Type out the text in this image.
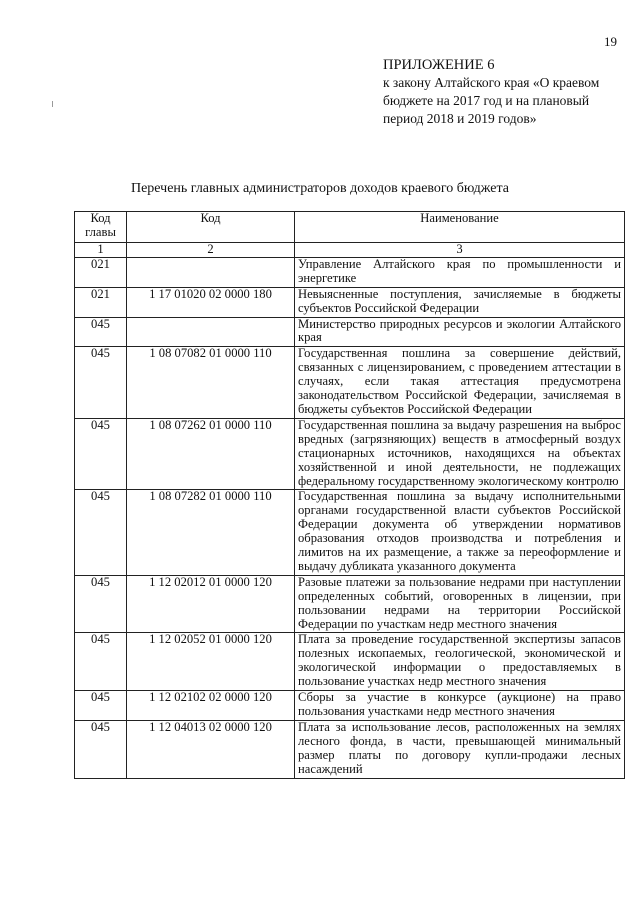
19
ПРИЛОЖЕНИЕ 6
к закону Алтайского края «О краевом бюджете на 2017 год и на плановый период 2018 и 2019 годов»
Перечень главных администраторов доходов краевого бюджета
Код главы	Код	Наименование
1	2	3
021		Управление Алтайского края по промышленности и энергетике
021	1 17 01020 02 0000 180	Невыясненные поступления, зачисляемые в бюджеты субъектов Российской Федерации
045		Министерство природных ресурсов и экологии Алтайского края
045	1 08 07082 01 0000 110	Государственная пошлина за совершение действий, связанных с лицензированием, с проведением аттестации в случаях, если такая аттестация предусмотрена законодательством Российской Федерации, зачисляемая в бюджеты субъектов Российской Федерации
045	1 08 07262 01 0000 110	Государственная пошлина за выдачу разрешения на выброс вредных (загрязняющих) веществ в атмосферный воздух стационарных источников, находящихся на объектах хозяйственной и иной деятельности, не подлежащих федеральному государственному экологическому контролю
045	1 08 07282 01 0000 110	Государственная пошлина за выдачу исполнительными органами государственной власти субъектов Российской Федерации документа об утверждении нормативов образования отходов производства и потребления и лимитов на их размещение, а также за переоформление и выдачу дубликата указанного документа
045	1 12 02012 01 0000 120	Разовые платежи за пользование недрами при наступлении определенных событий, оговоренных в лицензии, при пользовании недрами на территории Российской Федерации по участкам недр местного значения
045	1 12 02052 01 0000 120	Плата за проведение государственной экспертизы запасов полезных ископаемых, геологической, экономической и экологической информации о предоставляемых в пользование участках недр местного значения
045	1 12 02102 02 0000 120	Сборы за участие в конкурсе (аукционе) на право пользования участками недр местного значения
045	1 12 04013 02 0000 120	Плата за использование лесов, расположенных на землях лесного фонда, в части, превышающей минимальный размер платы по договору купли-продажи лесных насаждений
